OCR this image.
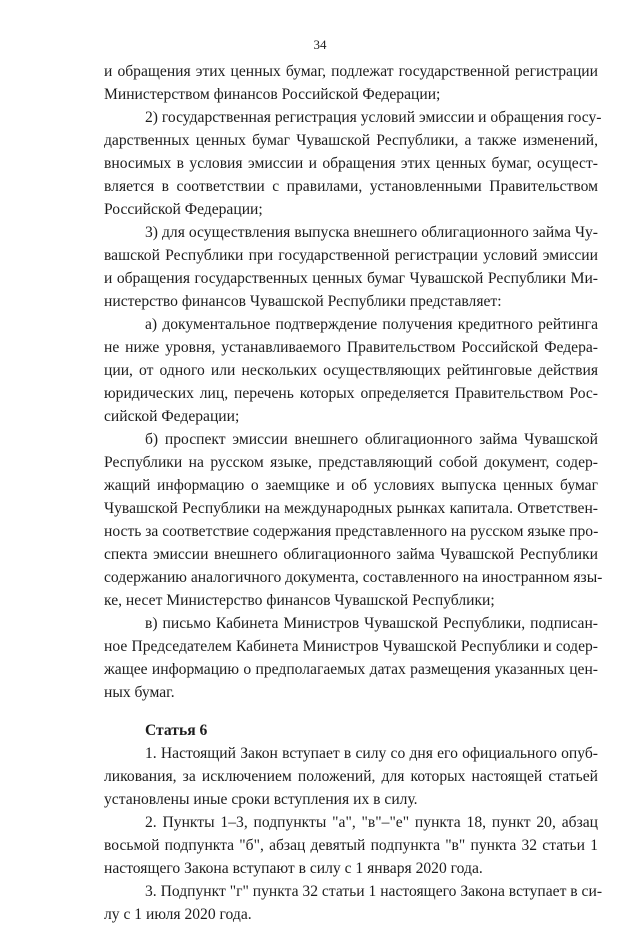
34
и обращения этих ценных бумаг, подлежат государственной регистрации
Министерством финансов Российской Федерации;
2) государственная регистрация условий эмиссии и обращения госу-
дарственных ценных бумаг Чувашской Республики, а также изменений,
вносимых в условия эмиссии и обращения этих ценных бумаг, осущест-
вляется в соответствии с правилами, установленными Правительством
Российской Федерации;
3) для осуществления выпуска внешнего облигационного займа Чу-
вашской Республики при государственной регистрации условий эмиссии
и обращения государственных ценных бумаг Чувашской Республики Ми-
нистерство финансов Чувашской Республики представляет:
а) документальное подтверждение получения кредитного рейтинга
не ниже уровня, устанавливаемого Правительством Российской Федера-
ции, от одного или нескольких осуществляющих рейтинговые действия
юридических лиц, перечень которых определяется Правительством Рос-
сийской Федерации;
б) проспект эмиссии внешнего облигационного займа Чувашской
Республики на русском языке, представляющий собой документ, содер-
жащий информацию о заемщике и об условиях выпуска ценных бумаг
Чувашской Республики на международных рынках капитала. Ответствен-
ность за соответствие содержания представленного на русском языке про-
спекта эмиссии внешнего облигационного займа Чувашской Республики
содержанию аналогичного документа, составленного на иностранном язы-
ке, несет Министерство финансов Чувашской Республики;
в) письмо Кабинета Министров Чувашской Республики, подписан-
ное Председателем Кабинета Министров Чувашской Республики и содер-
жащее информацию о предполагаемых датах размещения указанных цен-
ных бумаг.
Статья 6
1. Настоящий Закон вступает в силу со дня его официального опуб-
ликования, за исключением положений, для которых настоящей статьей
установлены иные сроки вступления их в силу.
2. Пункты 1–3, подпункты "а", "в"–"е" пункта 18, пункт 20, абзац
восьмой подпункта "б", абзац девятый подпункта "в" пункта 32 статьи 1
настоящего Закона вступают в силу с 1 января 2020 года.
3. Подпункт "г" пункта 32 статьи 1 настоящего Закона вступает в си-
лу с 1 июля 2020 года.
